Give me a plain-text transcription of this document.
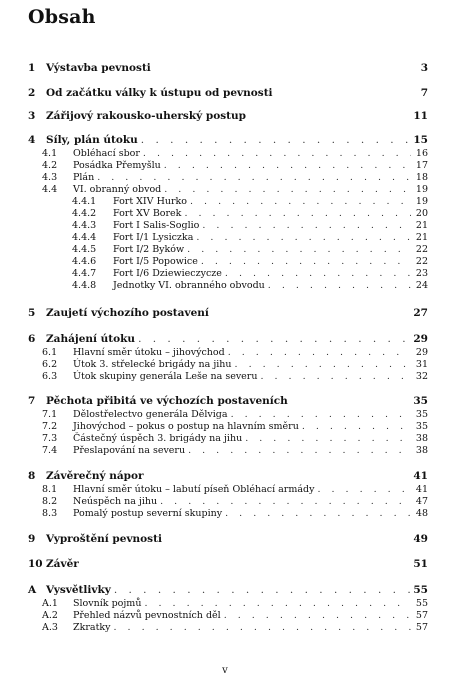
Obsah
1	Výstavba pevnosti	3
2	Od začátku války k ústupu od pevnosti	7
3	Zářijový rakousko-uherský postup	11
4	Síly, plán útoku . . .	15
4.1 Obléhací sbor . . .	16
4.2 Posádka Přemyšlu . . .	17
4.3 Plán . . .	18
4.4 VI. obranný obvod . . .	19
4.4.1 Fort XIV Hurko . . .	19
4.4.2 Fort XV Borek . . .	20
4.4.3 Fort I Salis-Soglio . . .	21
4.4.4 Fort I/1 Lysiczka . . .	21
4.4.5 Fort I/2 Byków . . .	22
4.4.6 Fort I/5 Popowice . . .	22
4.4.7 Fort I/6 Dziewieczycze . . .	23
4.4.8 Jednotky VI. obranného obvodu . . .	24
5	Zaujetí výchozího postavení	27
6	Zahájení útoku . . .	29
6.1 Hlavní směr útoku – jihovýchod . . .	29
6.2 Útok 3. střelecké brigády na jihu . . .	31
6.3 Útok skupiny generála Leše na severu . . .	32
7	Pěchota přibitá ve výchozích postaveních	35
7.1 Dělostřelectvo generála Dělviga . . .	35
7.2 Jihovýchod – pokus o postup na hlavním směru . . .	35
7.3 Částečný úspěch 3. brigády na jihu . . .	38
7.4 Přeslapování na severu . . .	38
8	Závěrečný nápor	41
8.1 Hlavní směr útoku – labutí píseň Obléhací armády . . .	41
8.2 Neúspěch na jihu . . .	47
8.3 Pomalý postup severní skupiny . . .	48
9	Vyproštění pevnosti	49
10 Závěr	51
A Vysvětlivky . . .	55
A.1 Slovník pojmů . . .	55
A.2 Přehled názvů pevnostních děl . . .	57
A.3 Zkratky . . .	57
v
